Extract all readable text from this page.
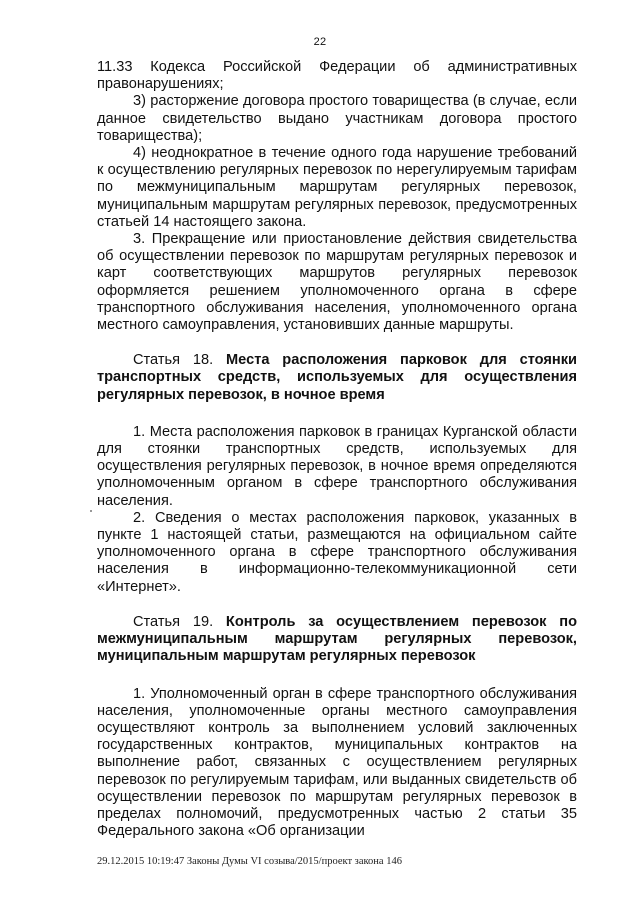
22

11.33 Кодекса Российской Федерации об административных правонарушениях;

3) расторжение договора простого товарищества (в случае, если данное свидетельство выдано участникам договора простого товарищества);

4) неоднократное в течение одного года нарушение требований к осуществлению регулярных перевозок по нерегулируемым тарифам по межмуниципальным маршрутам регулярных перевозок, муниципальным маршрутам регулярных перевозок, предусмотренных статьей 14 настоящего закона.

3. Прекращение или приостановление действия свидетельства об осуществлении перевозок по маршрутам регулярных перевозок и карт соответствующих маршрутов регулярных перевозок оформляется решением уполномоченного органа в сфере транспортного обслуживания населения, уполномоченного органа местного самоуправления, установивших данные маршруты.

Статья 18. Места расположения парковок для стоянки транспортных средств, используемых для осуществления регулярных перевозок, в ночное время

1. Места расположения парковок в границах Курганской области для стоянки транспортных средств, используемых для осуществления регулярных перевозок, в ночное время определяются уполномоченным органом в сфере транспортного обслуживания населения.

2. Сведения о местах расположения парковок, указанных в пункте 1 настоящей статьи, размещаются на официальном сайте уполномоченного органа в сфере транспортного обслуживания населения в информационно-телекоммуникационной сети «Интернет».

Статья 19. Контроль за осуществлением перевозок по межмуниципальным маршрутам регулярных перевозок, муниципальным маршрутам регулярных перевозок

1. Уполномоченный орган в сфере транспортного обслуживания населения, уполномоченные органы местного самоуправления осуществляют контроль за выполнением условий заключенных государственных контрактов, муниципальных контрактов на выполнение работ, связанных с осуществлением регулярных перевозок по регулируемым тарифам, или выданных свидетельств об осуществлении перевозок по маршрутам регулярных перевозок в пределах полномочий, предусмотренных частью 2 статьи 35 Федерального закона «Об организации

29.12.2015 10:19:47 Законы Думы VI созыва/2015/проект закона 146
